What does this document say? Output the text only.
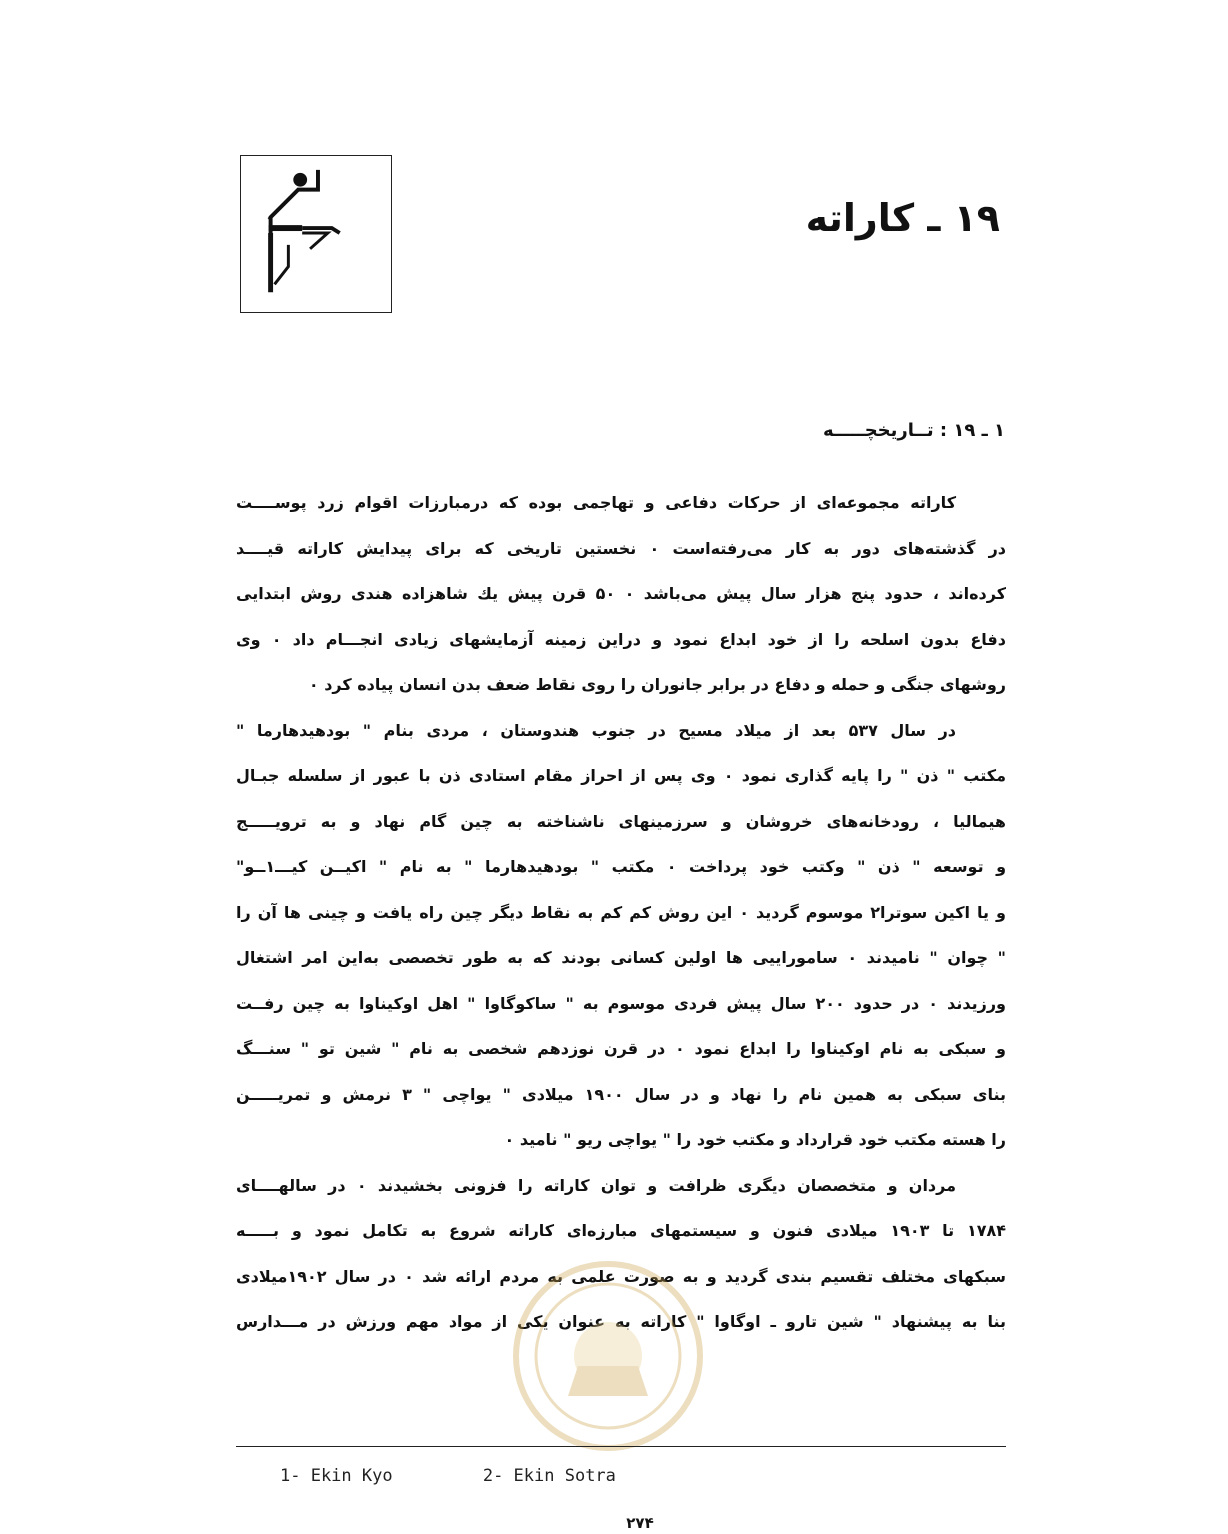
۱۹ ـ کاراته
۱ ـ ۱۹ : تــاریخچـــــه
کاراته مجموعه‌ای از حرکات دفاعی و تهاجمی بوده که درمبارزات اقوام زرد پوســــت
در گذشته‌های دور به کار می‌رفته‌است ۰ نخستین تاریخی که برای پیدایش کاراته قیــــد
کرده‌اند ، حدود پنج هزار سال پیش می‌باشد ۰ ۵۰ قرن پیش یك شاهزاده هندی روش ابتدایی
دفاع بدون اسلحه را از خود ابداع نمود و دراین زمینه آزمایشهای زیادی انجـــام داد ۰ وی
روشهای جنگی و حمله و دفاع در برابر جانوران را روی نقاط ضعف بدن انسان پیاده کرد ۰
در سال ۵۳۷ بعد از میلاد مسیح در جنوب هندوستان ، مردی بنام " بودهیدهارما "
مکتب " ذن " را پایه گذاری نمود ۰ وی پس از احراز مقام استادی ذن با عبور از سلسله جبـال
هیمالیا ، رودخانه‌های خروشان و سرزمینهای ناشناخته به چین گام نهاد و به ترویـــــج
و توسعه " ذن " وکتب خود پرداخت ۰ مکتب " بودهیدهارما " به نام " اکیــن کیـــ۱ــو"
و یا اکین سوترا۲ موسوم گردید ۰ این روش کم کم به نقاط دیگر چین راه یافت و چینی ها آن را
" چوان " نامیدند ۰ ساموراییی ها اولین کسانی بودند که به طور تخصصی به‌این امر اشتغال
ورزیدند ۰ در حدود ۲۰۰ سال پیش فردی موسوم به " ساکوگاوا " اهل اوکیناوا به چین رفــت
و سبکی به نام اوکیناوا را ابداع نمود ۰ در قرن نوزدهم شخصی به نام " شین تو " سنـــگ
بنای سبکی به همین نام را نهاد و در سال ۱۹۰۰ میلادی " یواچی " ۳ نرمش و تمریـــــن
را هسته مکتب خود قرارداد و مکتب خود را " یواچی ریو " نامید ۰
مردان و متخصصان دیگری ظرافت و توان کاراته را فزونی بخشیدند ۰ در سالهــــای
۱۷۸۴ تا ۱۹۰۳ میلادی فنون و سیستمهای مبارزه‌ای کاراته شروع به تکامل نمود و بـــــه
سبکهای مختلف تقسیم بندی گردید و به صورت علمی به مردم ارائه شد ۰ در سال ۱۹۰۲میلادی
بنا به پیشنهاد " شین تارو ـ اوگاوا " کاراته به عنوان یکی از مواد مهم ورزش در مـــدارس
1- Ekin Kyo	2- Ekin Sotra
۲۷۴
